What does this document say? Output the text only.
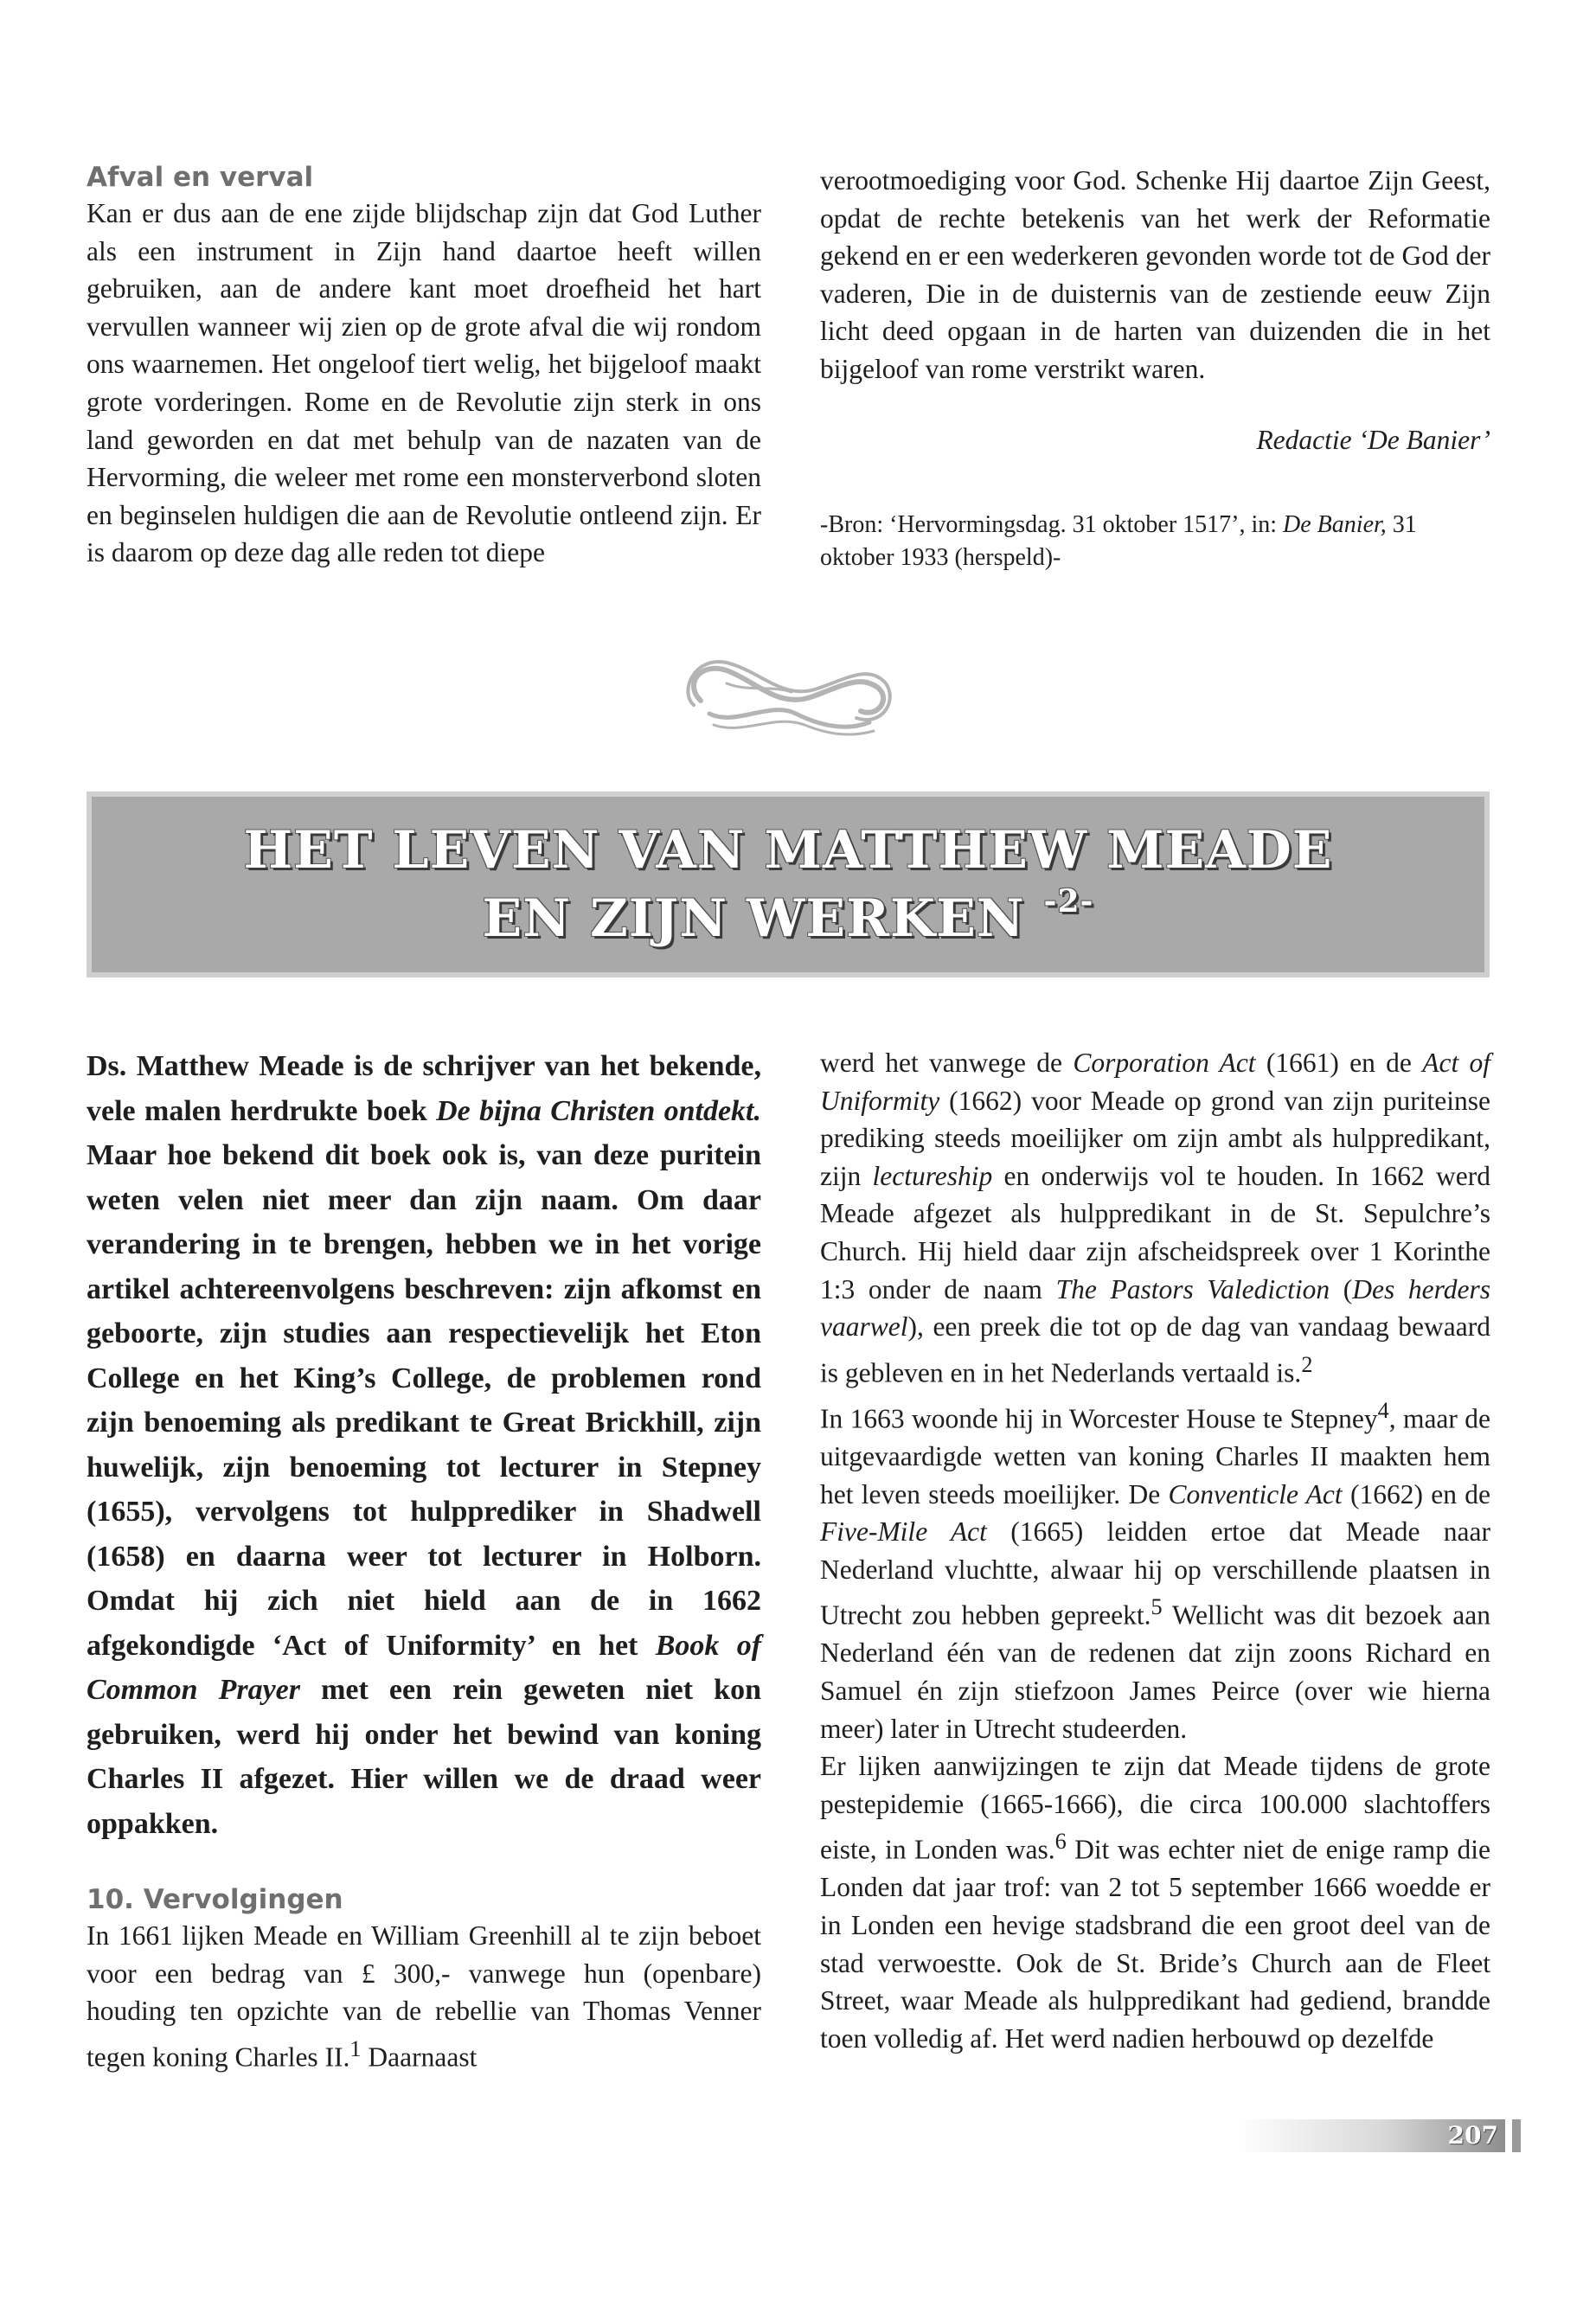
Afval en verval

Kan er dus aan de ene zijde blijdschap zijn dat God Luther als een instrument in Zijn hand daartoe heeft willen gebruiken, aan de andere kant moet droefheid het hart vervullen wanneer wij zien op de grote afval die wij rondom ons waarnemen. Het ongeloof tiert welig, het bijgeloof maakt grote vorderingen. Rome en de Revolutie zijn sterk in ons land geworden en dat met behulp van de nazaten van de Hervorming, die weleer met rome een monsterverbond sloten en beginselen huldigen die aan de Revolutie ontleend zijn. Er is daarom op deze dag alle reden tot diepe

verootmoediging voor God. Schenke Hij daartoe Zijn Geest, opdat de rechte betekenis van het werk der Reformatie gekend en er een wederkeren gevonden worde tot de God der vaderen, Die in de duisternis van de zestiende eeuw Zijn licht deed opgaan in de harten van duizenden die in het bijgeloof van rome verstrikt waren.

Redactie ‘De Banier’

-Bron: ‘Hervormingsdag. 31 oktober 1517’, in: De Banier, 31 oktober 1933 (herspeld)-

HET LEVEN VAN MATTHEW MEADE
EN ZIJN WERKEN $^{-2-}$

Ds. Matthew Meade is de schrijver van het bekende, vele malen herdrukte boek De bijna Christen ontdekt. Maar hoe bekend dit boek ook is, van deze puritein weten velen niet meer dan zijn naam. Om daar verandering in te brengen, hebben we in het vorige artikel achtereenvolgens beschreven: zijn afkomst en geboorte, zijn studies aan respectievelijk het Eton College en het King’s College, de problemen rond zijn benoeming als predikant te Great Brickhill, zijn huwelijk, zijn benoeming tot lecturer in Stepney (1655), vervolgens tot hulpprediker in Shadwell (1658) en daarna weer tot lecturer in Holborn. Omdat hij zich niet hield aan de in 1662 afgekondigde ‘Act of Uniformity’ en het Book of Common Prayer met een rein geweten niet kon gebruiken, werd hij onder het bewind van koning Charles II afgezet. Hier willen we de draad weer oppakken.

10. Vervolgingen

In 1661 lijken Meade en William Greenhill al te zijn beboet voor een bedrag van £ 300,- vanwege hun (openbare) houding ten opzichte van de rebellie van Thomas Venner tegen koning Charles II.$^1$ Daarnaast

werd het vanwege de Corporation Act (1661) en de Act of Uniformity (1662) voor Meade op grond van zijn puriteinse prediking steeds moeilijker om zijn ambt als hulppredikant, zijn lectureship en onderwijs vol te houden. In 1662 werd Meade afgezet als hulppredikant in de St. Sepulchre’s Church. Hij hield daar zijn afscheidspreek over 1 Korinthe 1:3 onder de naam The Pastors Valediction (Des herders vaarwel), een preek die tot op de dag van vandaag bewaard is gebleven en in het Nederlands vertaald is.$^2$

In 1663 woonde hij in Worcester House te Stepney$^4$, maar de uitgevaardigde wetten van koning Charles II maakten hem het leven steeds moeilijker. De Conventicle Act (1662) en de Five-Mile Act (1665) leidden ertoe dat Meade naar Nederland vluchtte, alwaar hij op verschillende plaatsen in Utrecht zou hebben gepreekt.$^5$ Wellicht was dit bezoek aan Nederland één van de redenen dat zijn zoons Richard en Samuel én zijn stiefzoon James Peirce (over wie hierna meer) later in Utrecht studeerden.

Er lijken aanwijzingen te zijn dat Meade tijdens de grote pestepidemie (1665-1666), die circa 100.000 slachtoffers eiste, in Londen was.$^6$ Dit was echter niet de enige ramp die Londen dat jaar trof: van 2 tot 5 september 1666 woedde er in Londen een hevige stadsbrand die een groot deel van de stad verwoestte. Ook de St. Bride’s Church aan de Fleet Street, waar Meade als hulppredikant had gediend, brandde toen volledig af. Het werd nadien herbouwd op dezelfde

207
